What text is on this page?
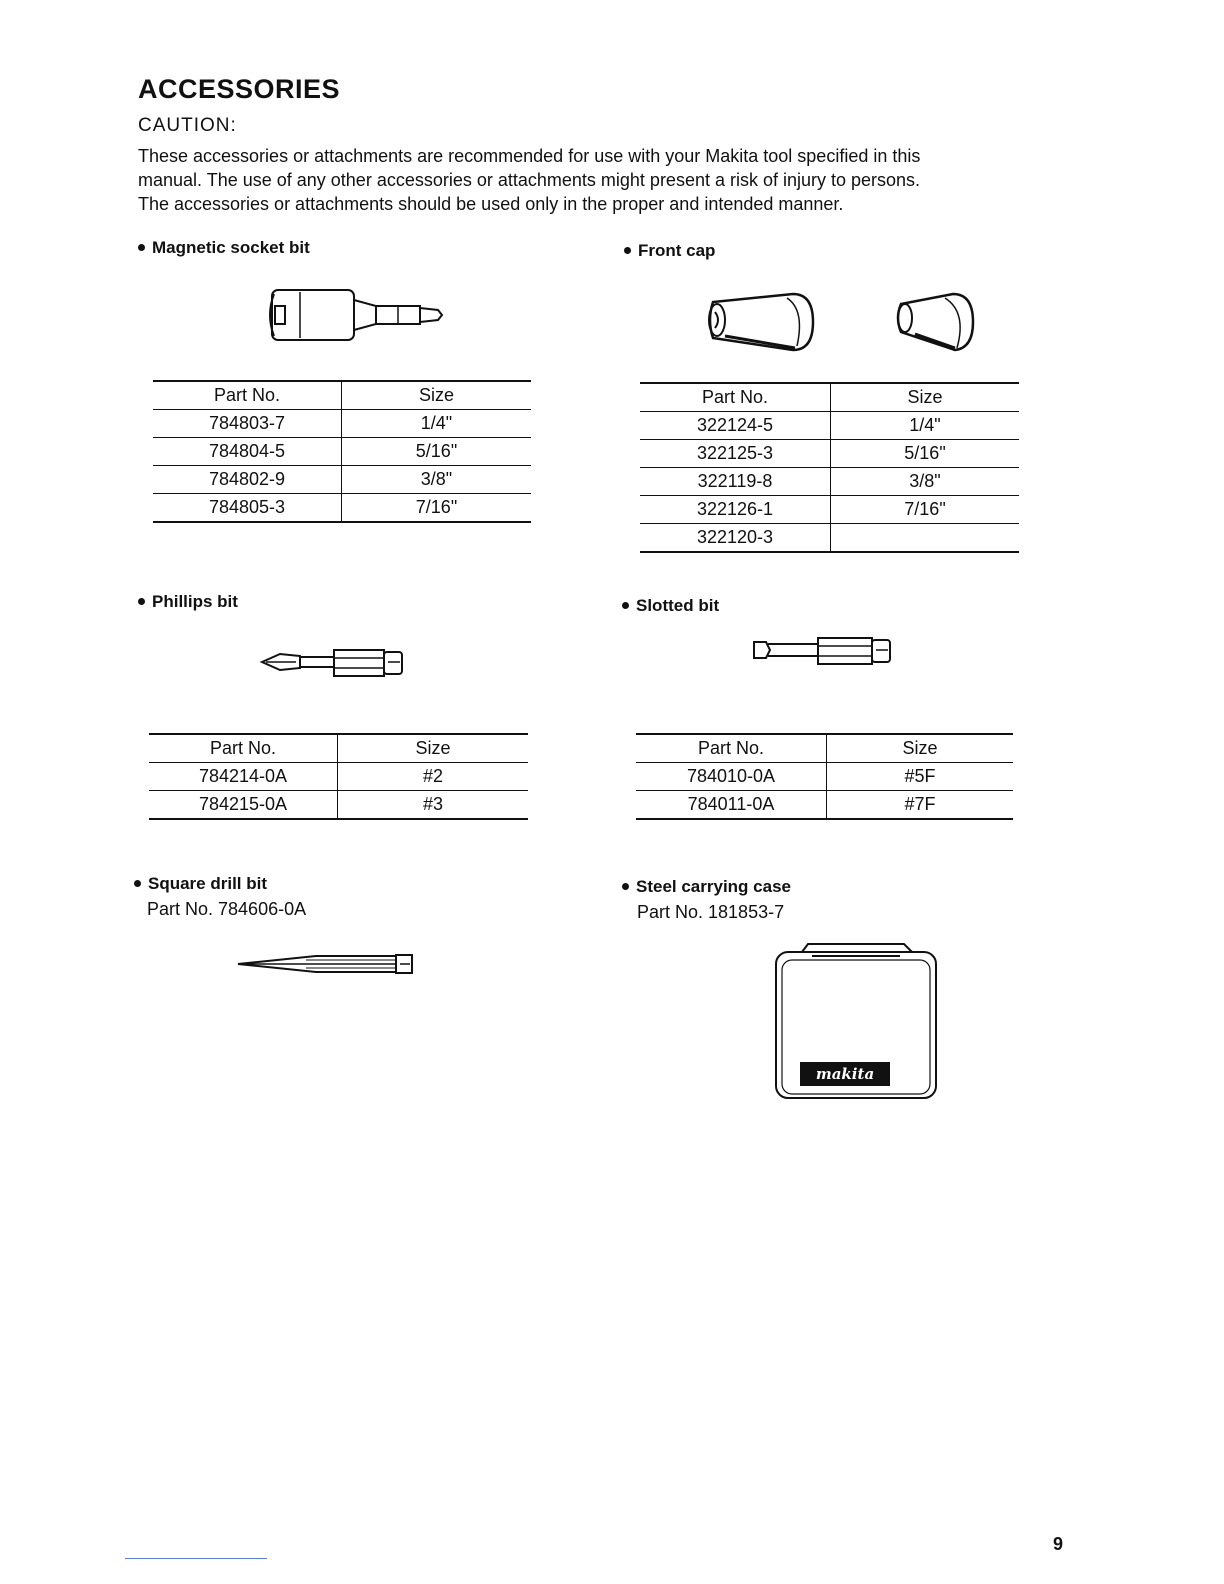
ACCESSORIES
CAUTION:
These accessories or attachments are recommended for use with your Makita tool specified in this
manual. The use of any other accessories or attachments might present a risk of injury to persons.
The accessories or attachments should be used only in the proper and intended manner.
Magnetic socket bit
Part No.	Size
784803-7	1/4"
784804-5	5/16"
784802-9	3/8"
784805-3	7/16"
Front cap
Part No.	Size
322124-5	1/4"
322125-3	5/16"
322119-8	3/8"
322126-1	7/16"
322120-3	
Phillips bit
Part No.	Size
784214-0A	#2
784215-0A	#3
Slotted bit
Part No.	Size
784010-0A	#5F
784011-0A	#7F
Square drill bit
Part No. 784606-0A
Steel carrying case
Part No. 181853-7
makita
9
